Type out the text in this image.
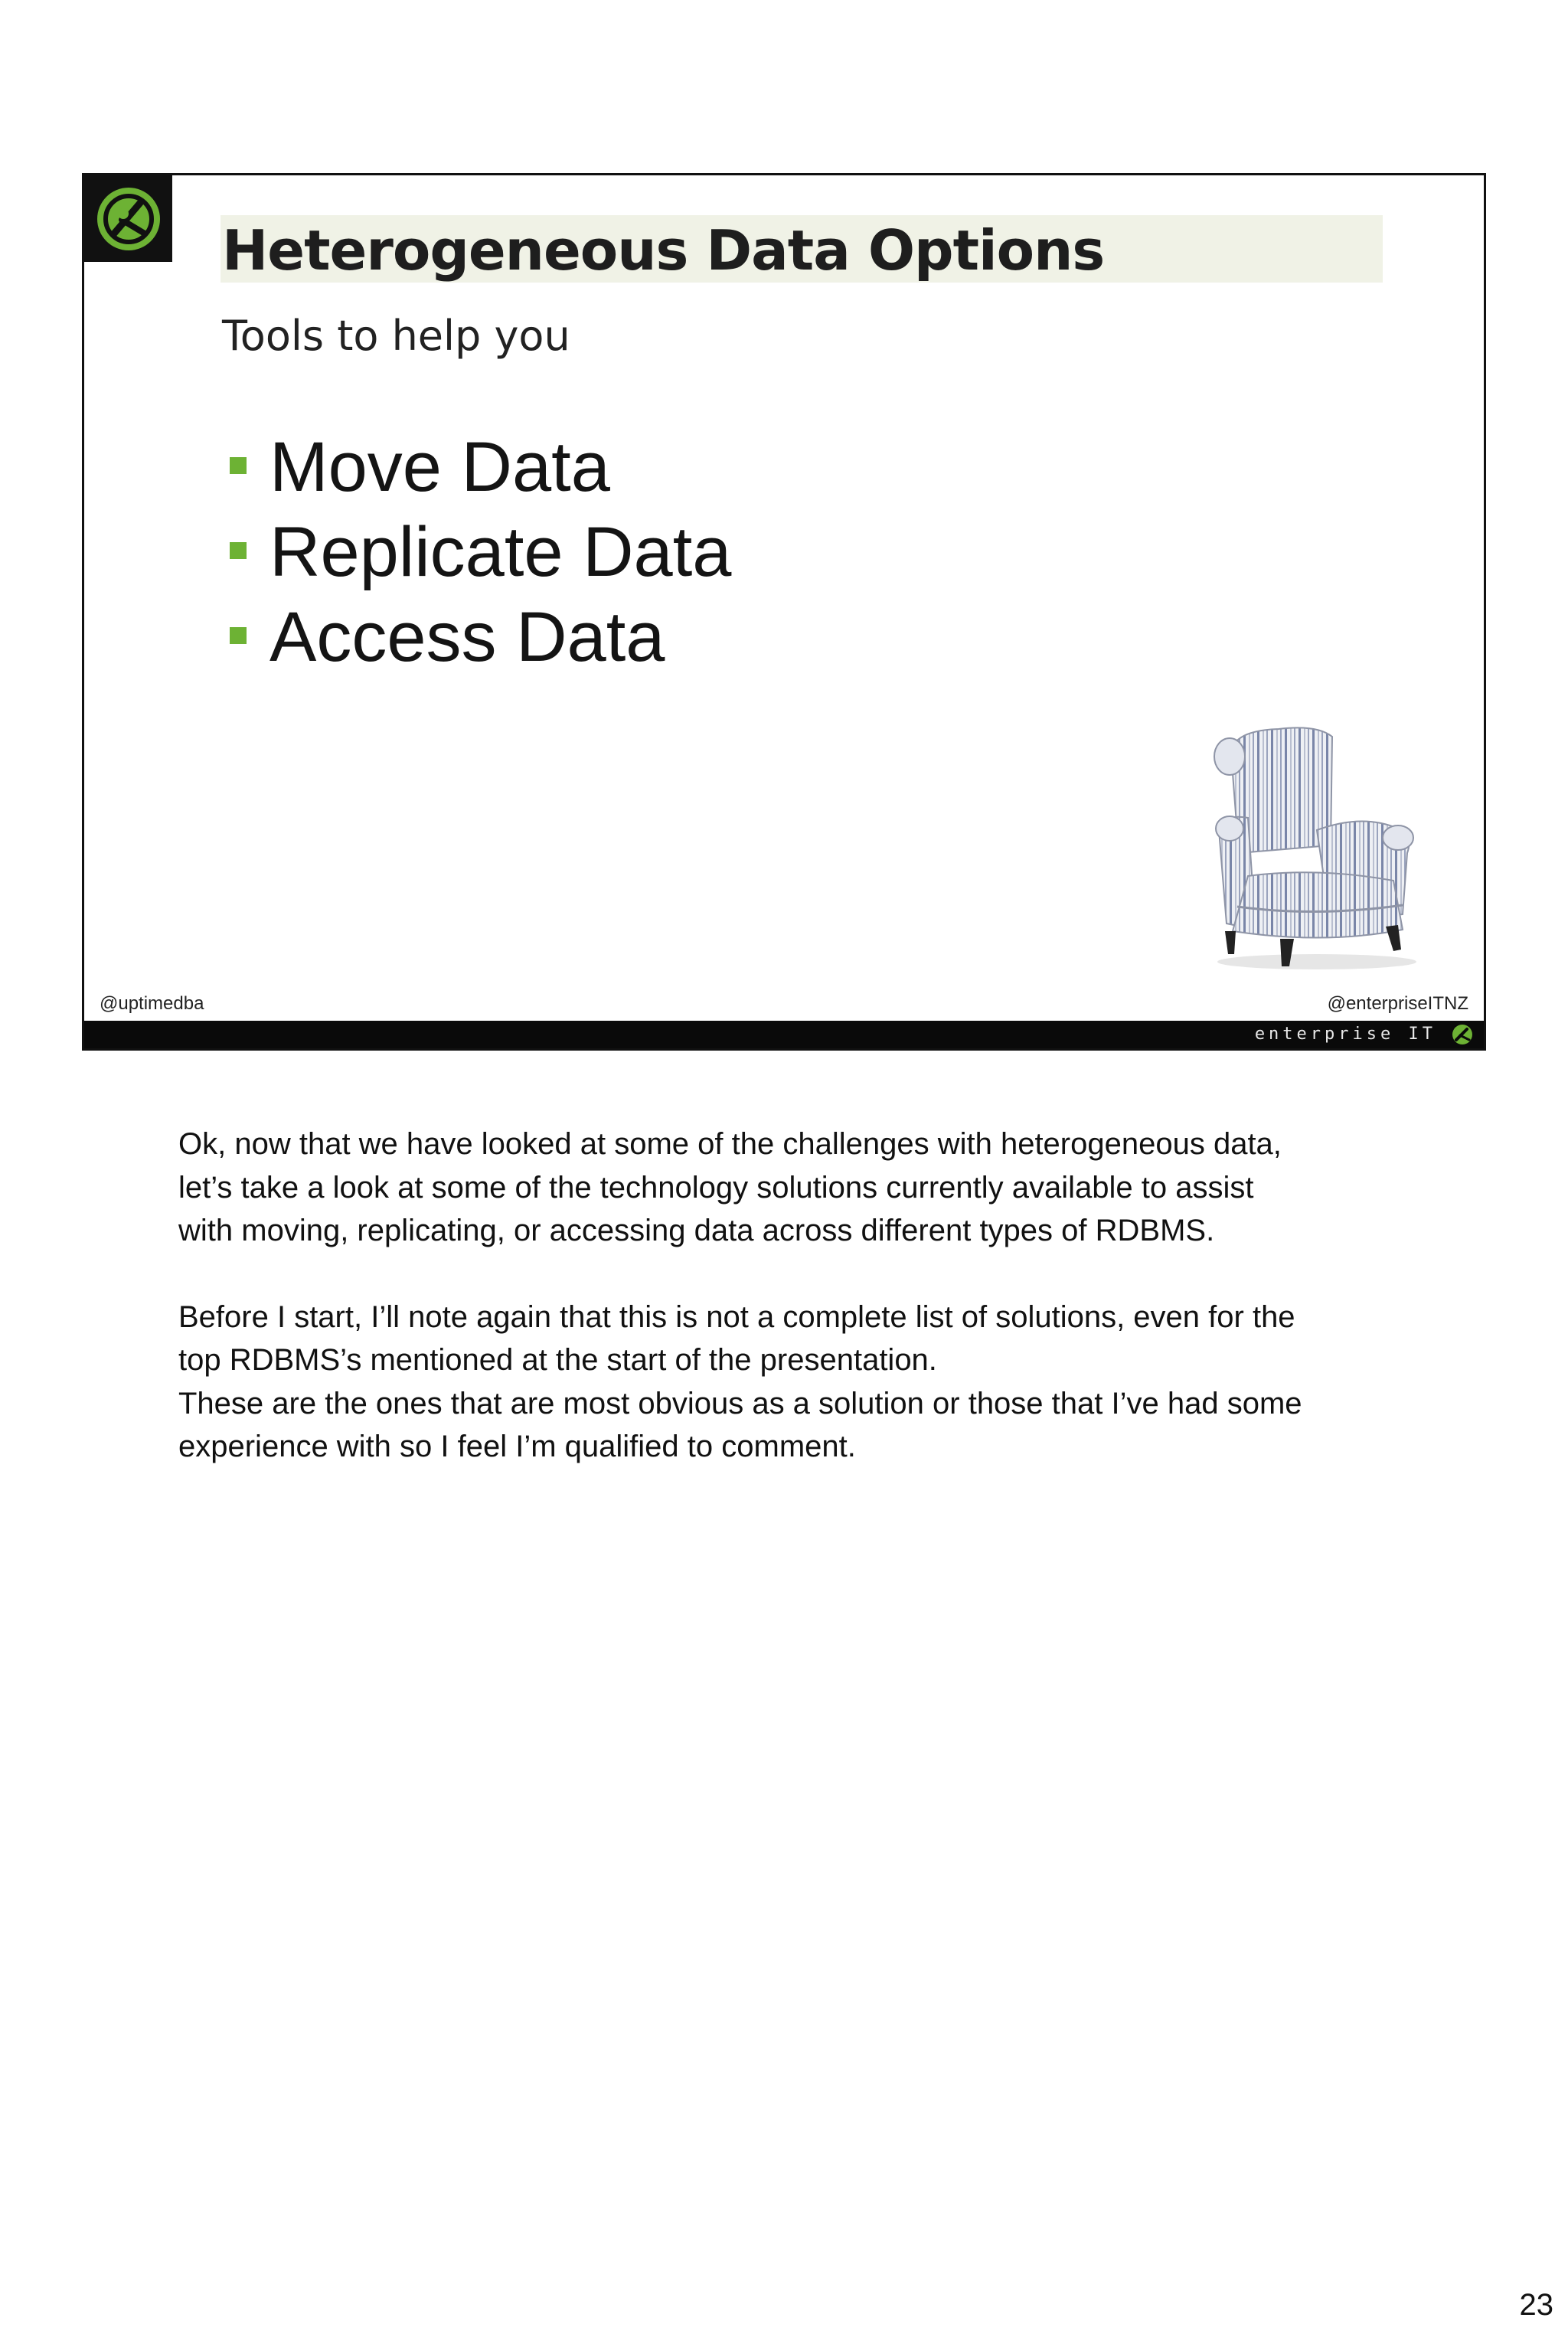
Heterogeneous Data Options
Tools to help you
Move Data
Replicate Data
Access Data
@uptimedba	@enterpriseITNZ
enterprise IT

Ok, now that we have looked at some of the challenges with heterogeneous data,
let’s take a look at some of the technology solutions currently available to assist
with moving, replicating, or accessing data across different types of RDBMS.

Before I start, I’ll note again that this is not a complete list of solutions, even for the
top RDBMS’s mentioned at the start of the presentation.
These are the ones that are most obvious as a solution or those that I’ve had some
experience with so I feel I’m qualified to comment.

23
